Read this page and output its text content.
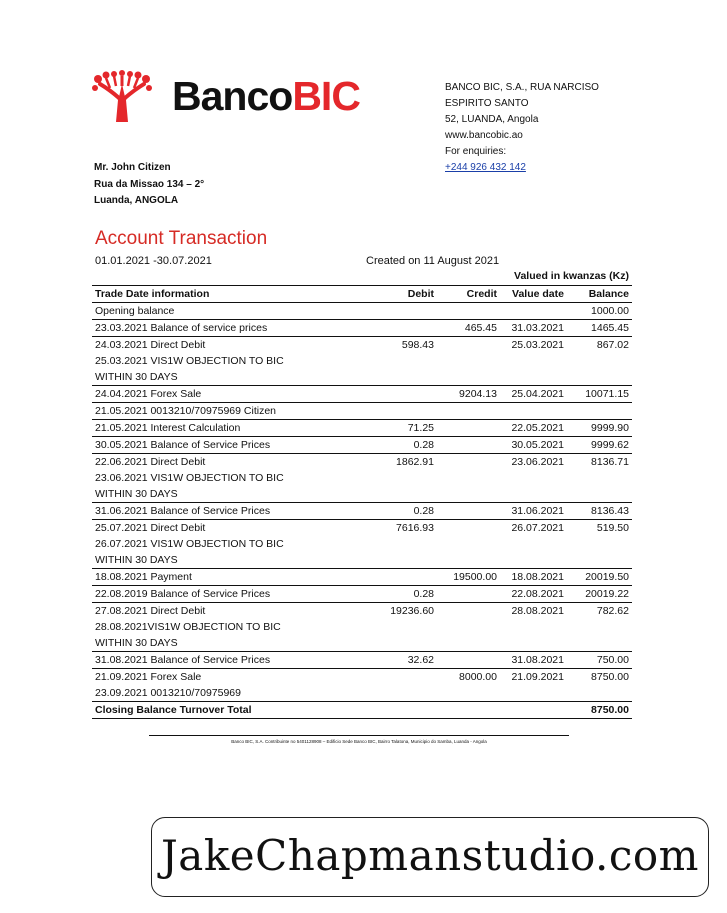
BancoBIC	BANCO BIC, S.A., RUA NARCISO
ESPIRITO SANTO
52, LUANDA, Angola
www.bancobic.ao
For enquiries:
+244 926 432 142
Mr. John Citizen
Rua da Missao 134 – 2°
Luanda, ANGOLA
Account Transaction
01.01.2021 -30.07.2021	Created on 11 August 2021
Valued in kwanzas (Kz)
Trade Date information	Debit	Credit	Value date	Balance
Opening balance				1000.00
23.03.2021 Balance of service prices		465.45	31.03.2021	1465.45
24.03.2021 Direct Debit	598.43		25.03.2021	867.02
25.03.2021 VIS1W OBJECTION TO BIC				
WITHIN 30 DAYS				
24.04.2021 Forex Sale		9204.13	25.04.2021	10071.15
21.05.2021 0013210/70975969 Citizen				
21.05.2021 Interest Calculation	71.25		22.05.2021	9999.90
30.05.2021 Balance of Service Prices	0.28		30.05.2021	9999.62
22.06.2021 Direct Debit	1862.91		23.06.2021	8136.71
23.06.2021 VIS1W OBJECTION TO BIC				
WITHIN 30 DAYS				
31.06.2021 Balance of Service Prices	0.28		31.06.2021	8136.43
25.07.2021 Direct Debit	7616.93		26.07.2021	519.50
26.07.2021 VIS1W OBJECTION TO BIC				
WITHIN 30 DAYS				
18.08.2021 Payment		19500.00	18.08.2021	20019.50
22.08.2019 Balance of Service Prices	0.28		22.08.2021	20019.22
27.08.2021 Direct Debit	19236.60		28.08.2021	782.62
28.08.2021VIS1W OBJECTION TO BIC				
WITHIN 30 DAYS				
31.08.2021 Balance of Service Prices	32.62		31.08.2021	750.00
21.09.2021 Forex Sale		8000.00	21.09.2021	8750.00
23.09.2021 0013210/70975969				
Closing Balance Turnover Total				8750.00
Banco BIC, S.A. Contribuinte no 5401128908 – Edificio Sede Banco BIC, Bairro Talatona, Municipio do Samba, Luanda - Angola
JakeChapmanstudio.com
